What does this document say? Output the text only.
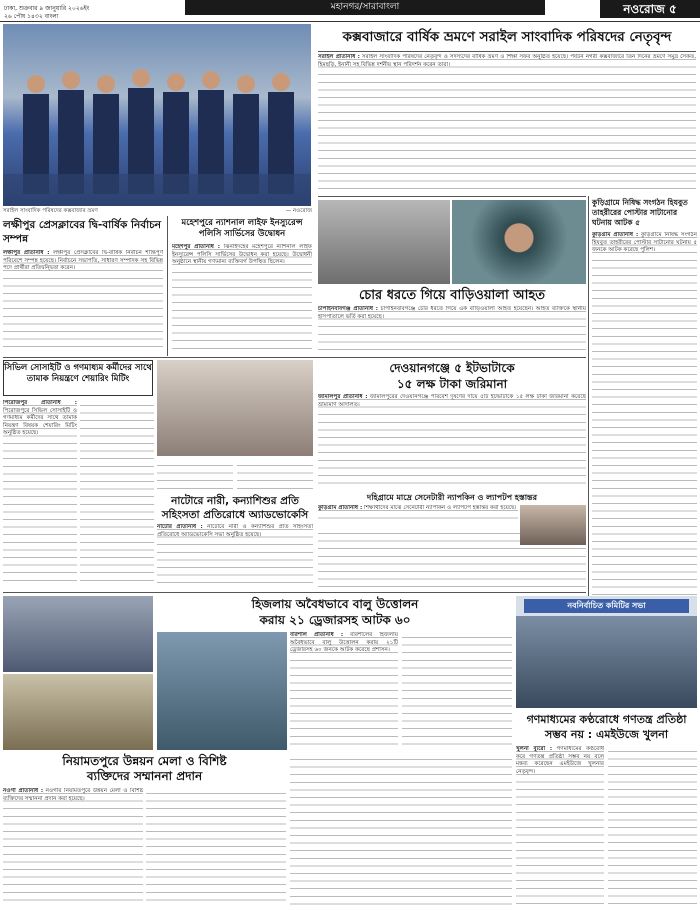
ঢাকা, শুক্রবার ৯ জানুয়ারি ২০২৬ইং
২৬ পৌষ ১৪৩২ বাংলা
মহানগর/সারাবাংলা	নওরোজ ৫
সরাইল সাংবাদিক পরিষদের কক্সবাজার ভ্রমণ	— নওরোজ
কক্সবাজারে বার্ষিক ভ্রমণে সরাইল সাংবাদিক পরিষদের নেতৃবৃন্দ
সরাইল প্রতিনিধি : সরাইল সাংবাদিক পরিষদের নেতৃবৃন্দ ও সদস্যদের বার্ষিক ভ্রমণ ও শিক্ষা সফর অনুষ্ঠিত হয়েছে। পর্যটন নগরী কক্সবাজারে তিন দিনের ভ্রমণে সমুদ্র সৈকত, হিমছড়ি, ইনানী সহ বিভিন্ন দর্শনীয় স্থান পরিদর্শন করেন তারা।
কুড়িগ্রামে নিষিদ্ধ সংগঠন হিযবুত তাহরীরের পোস্টার সাটানোর ঘটনায় আটক ৫
কুড়িগ্রাম প্রতিনিধি : কুড়িগ্রামে নিষিদ্ধ সংগঠন হিযবুত তাহরীরের পোস্টার সাটানোর ঘটনায় ৫ জনকে আটক করেছে পুলিশ।
লক্ষীপুর প্রেসক্লাবের দ্বি-বার্ষিক নির্বাচন সম্পন্ন
লক্ষীপুর প্রতিনিধি : লক্ষীপুর প্রেসক্লাবের দ্বি-বার্ষিক নির্বাচন শান্তিপূর্ণ পরিবেশে সম্পন্ন হয়েছে। নির্বাচনে সভাপতি, সাধারণ সম্পাদক সহ বিভিন্ন পদে প্রার্থীরা প্রতিদ্বন্দ্বিতা করেন।
মহেশপুরে ন্যাশনাল লাইফ ইনস্যুরেন্স পলিসি সার্ভিসের উদ্বোধন
মহেশপুর প্রতিনিধি : ঝিনাইদহের মহেশপুরে ন্যাশনাল লাইফ ইনস্যুরেন্স পলিসি সার্ভিসের উদ্বোধন করা হয়েছে। উদ্বোধনী অনুষ্ঠানে স্থানীয় গণ্যমান্য ব্যক্তিবর্গ উপস্থিত ছিলেন।
চোর ধরতে গিয়ে বাড়িওয়ালা আহত
চাঁপাইনবাবগঞ্জ প্রতিনিধি : চাঁপাইনবাবগঞ্জে চোর ধরতে গিয়ে এক বাড়িওয়ালা আহত হয়েছেন। আহত ব্যক্তিকে স্থানীয় হাসপাতালে ভর্তি করা হয়েছে।
দেওয়ানগঞ্জে ৫ ইটভাটাকে
১৫ লক্ষ টাকা জরিমানা
জামালপুর প্রতিনিধি : জামালপুরের দেওয়ানগঞ্জে পরিবেশ দূষণের দায়ে ৫টি ইটভাটাকে ১৫ লক্ষ টাকা জরিমানা করেছে ভ্রাম্যমাণ আদালত।
সিভিল সোসাইটি ও গণমাধ্যম কর্মীদের সাথে তামাক নিয়ন্ত্রণে শেয়ারিং মিটিং
পিরোজপুর প্রতিনিধি : পিরোজপুরে সিভিল সোসাইটি ও গণমাধ্যম কর্মীদের সাথে তামাক নিয়ন্ত্রণ বিষয়ক শেয়ারিং মিটিং অনুষ্ঠিত হয়েছে।
নাটোরে নারী, কন্যাশিশুর প্রতি সহিংসতা প্রতিরোধে অ্যাডভোকেসি
নাটোর প্রতিনিধি : নাটোরে নারী ও কন্যাশিশুর প্রতি সহিংসতা প্রতিরোধে অ্যাডভোকেসি সভা অনুষ্ঠিত হয়েছে।
দহিগ্রামে মাদ্রে সেনেটারী ন্যাপকিন ও ল্যাপটপ হস্তান্তর
কুড়িগ্রাম প্রতিনিধি : শিক্ষার্থীদের মাঝে সেনেটারী ন্যাপকিন ও ল্যাপটপ হস্তান্তর করা হয়েছে।
হিজলায় অবৈধভাবে বালু উত্তোলন
করায় ২১ ড্রেজারসহ আটক ৬০
বরিশাল প্রতিনিধি : বরিশালের হিজলায় অবৈধভাবে বালু উত্তোলন করায় ২১টি ড্রেজারসহ ৬০ জনকে আটক করেছে প্রশাসন।
নিয়ামতপুরে উন্নয়ন মেলা ও বিশিষ্ট
ব্যক্তিদের সম্মাননা প্রদান
নওগাঁ প্রতিনিধি : নওগাঁর নিয়ামতপুরে উন্নয়ন মেলা ও বিশিষ্ট ব্যক্তিদের সম্মাননা প্রদান করা হয়েছে।
নবনির্বাচিত কমিটির সভা
গণমাধ্যমের কণ্ঠরোধে গণতন্ত্র প্রতিষ্ঠা
সম্ভব নয় : এমইউজে খুলনা
খুলনা ব্যুরো : গণমাধ্যমের কণ্ঠরোধ করে গণতন্ত্র প্রতিষ্ঠা সম্ভব নয় বলে মন্তব্য করেছেন এমইউজে খুলনার নেতৃবৃন্দ।
